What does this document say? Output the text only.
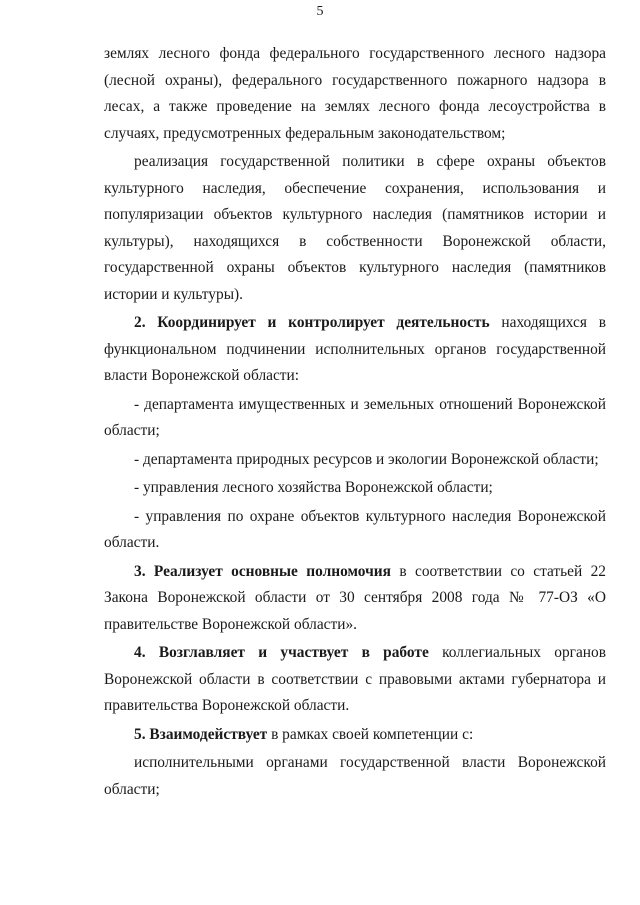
5

землях лесного фонда федерального государственного лесного надзора (лесной охраны), федерального государственного пожарного надзора в лесах, а также проведение на землях лесного фонда лесоустройства в случаях, предусмотренных федеральным законодательством;

реализация государственной политики в сфере охраны объектов культурного наследия, обеспечение сохранения, использования и популяризации объектов культурного наследия (памятников истории и культуры), находящихся в собственности Воронежской области, государственной охраны объектов культурного наследия (памятников истории и культуры).

2. Координирует и контролирует деятельность находящихся в функциональном подчинении исполнительных органов государственной власти Воронежской области:

- департамента имущественных и земельных отношений Воронежской области;

- департамента природных ресурсов и экологии Воронежской области;

- управления лесного хозяйства Воронежской области;

- управления по охране объектов культурного наследия Воронежской области.

3. Реализует основные полномочия в соответствии со статьей 22 Закона Воронежской области от 30 сентября 2008 года № 77-ОЗ «О правительстве Воронежской области».

4. Возглавляет и участвует в работе коллегиальных органов Воронежской области в соответствии с правовыми актами губернатора и правительства Воронежской области.

5. Взаимодействует в рамках своей компетенции с:

исполнительными органами государственной власти Воронежской области;
